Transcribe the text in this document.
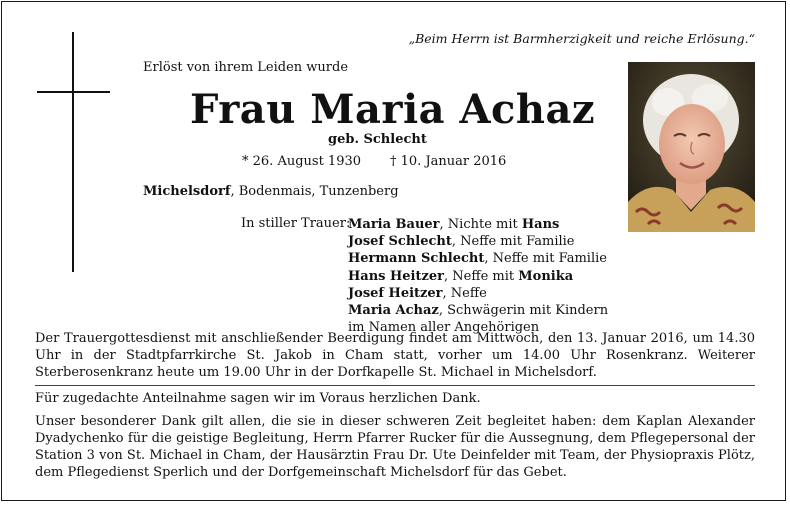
„Beim Herrn ist Barmherzigkeit und reiche Erlösung.“
Erlöst von ihrem Leiden wurde
Frau Maria Achaz
geb. Schlecht
* 26. August 1930 † 10. Januar 2016
Michelsdorf, Bodenmais, Tunzenberg
In stiller Trauer:
Maria Bauer, Nichte mit Hans
Josef Schlecht, Neffe mit Familie
Hermann Schlecht, Neffe mit Familie
Hans Heitzer, Neffe mit Monika
Josef Heitzer, Neffe
Maria Achaz, Schwägerin mit Kindern
im Namen aller Angehörigen

Der Trauergottesdienst mit anschließender Beerdigung findet am Mittwoch, den 13. Januar 2016, um 14.30 Uhr in der Stadtpfarrkirche St. Jakob in Cham statt, vorher um 14.00 Uhr Rosenkranz. Weiterer Sterberosenkranz heute um 19.00 Uhr in der Dorfkapelle St. Michael in Michelsdorf.

Für zugedachte Anteilnahme sagen wir im Voraus herzlichen Dank.

Unser besonderer Dank gilt allen, die sie in dieser schweren Zeit begleitet haben: dem Kaplan Alexander Dyadychenko für die geistige Begleitung, Herrn Pfarrer Rucker für die Aussegnung, dem Pflegepersonal der Station 3 von St. Michael in Cham, der Hausärztin Frau Dr. Ute Deinfelder mit Team, der Physiopraxis Plötz, dem Pflegedienst Sperlich und der Dorfgemeinschaft Michelsdorf für das Gebet.
